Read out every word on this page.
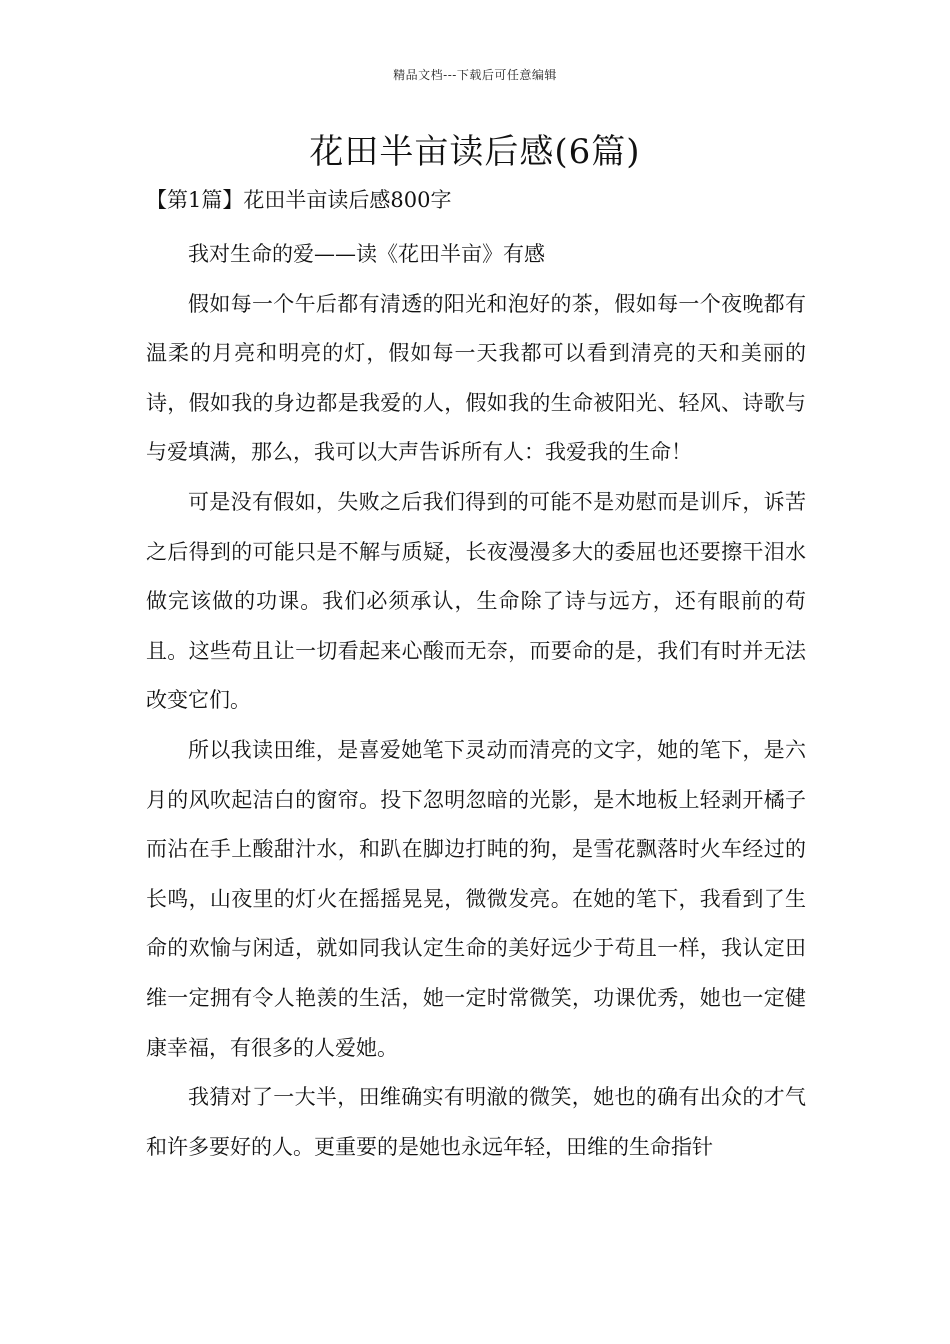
精品文档---下载后可任意编辑
花田半亩读后感(6篇)
【第1篇】花田半亩读后感800字

我对生命的爱——读《花田半亩》有感

假如每一个午后都有清透的阳光和泡好的茶，假如每一个夜晚都有温柔的月亮和明亮的灯，假如每一天我都可以看到清亮的天和美丽的诗，假如我的身边都是我爱的人，假如我的生命被阳光、轻风、诗歌与与爱填满，那么，我可以大声告诉所有人：我爱我的生命！

可是没有假如，失败之后我们得到的可能不是劝慰而是训斥，诉苦之后得到的可能只是不解与质疑，长夜漫漫多大的委屈也还要擦干泪水做完该做的功课。我们必须承认，生命除了诗与远方，还有眼前的苟且。这些苟且让一切看起来心酸而无奈，而要命的是，我们有时并无法改变它们。

所以我读田维，是喜爱她笔下灵动而清亮的文字，她的笔下，是六月的风吹起洁白的窗帘。投下忽明忽暗的光影，是木地板上轻剥开橘子而沾在手上酸甜汁水，和趴在脚边打盹的狗，是雪花飘落时火车经过的长鸣，山夜里的灯火在摇摇晃晃，微微发亮。在她的笔下，我看到了生命的欢愉与闲适，就如同我认定生命的美好远少于苟且一样，我认定田维一定拥有令人艳羡的生活，她一定时常微笑，功课优秀，她也一定健康幸福，有很多的人爱她。

我猜对了一大半，田维确实有明澈的微笑，她也的确有出众的才气和许多要好的人。更重要的是她也永远年轻，田维的生命指针
